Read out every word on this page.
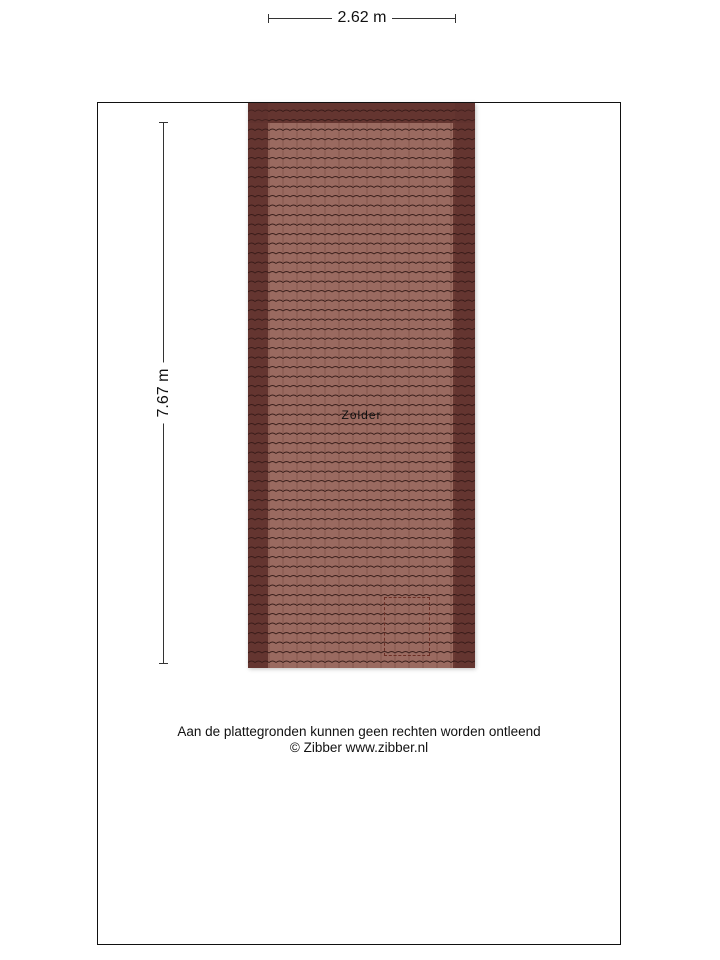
2.62 m
7.67 m	Zolder
Aan de plattegronden kunnen geen rechten worden ontleend
© Zibber www.zibber.nl
